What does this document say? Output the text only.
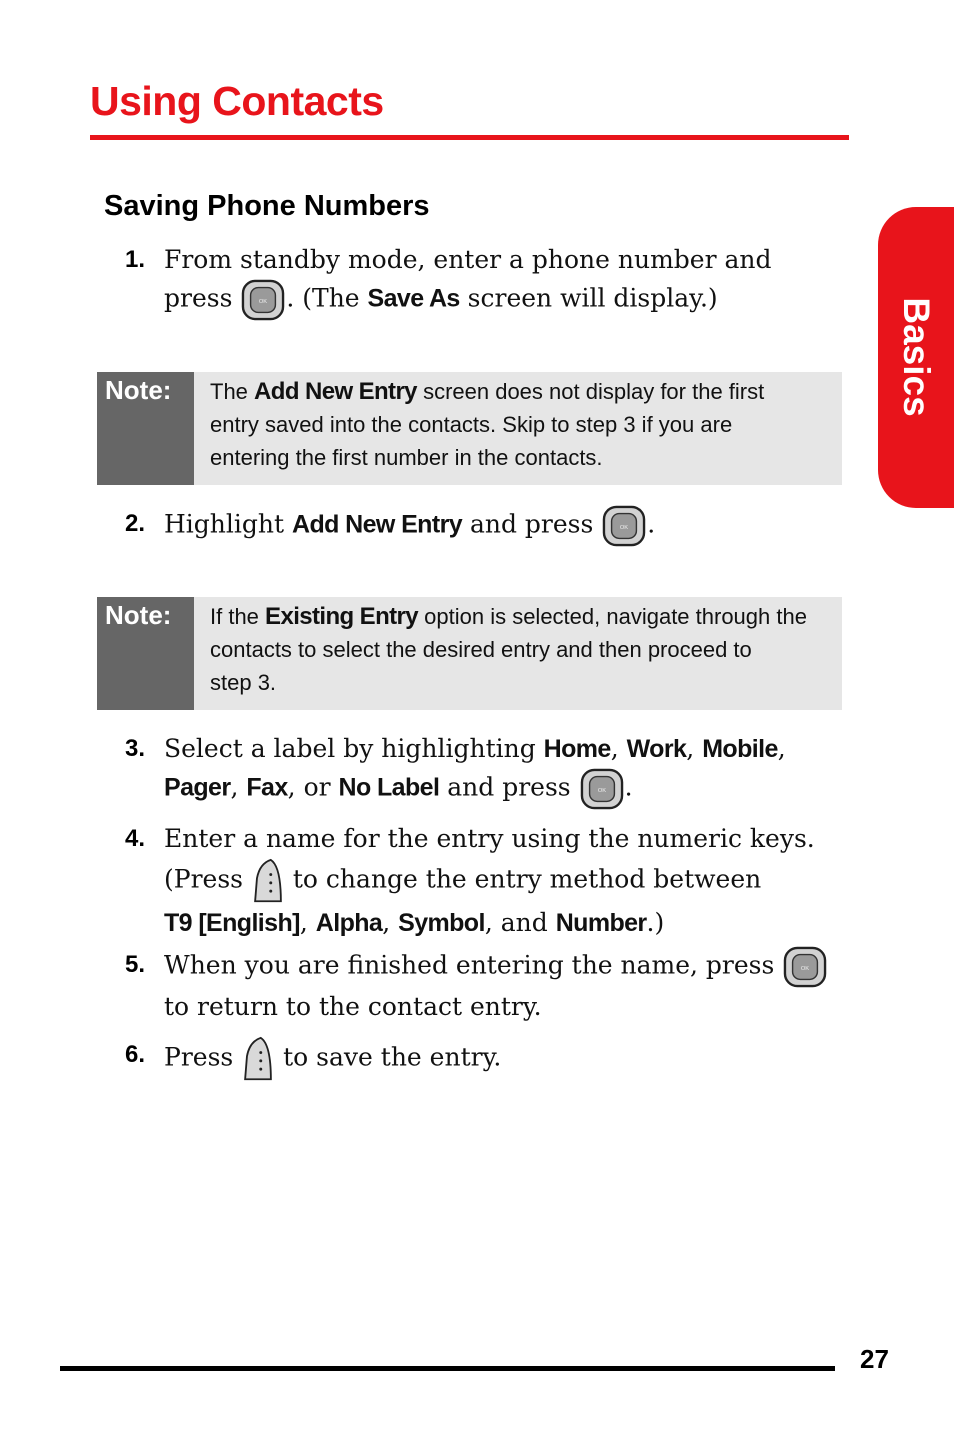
Using Contacts
Basics
Saving Phone Numbers
1. From standby mode, enter a phone number and
press . (The Save As screen will display.)
Note: The Add New Entry screen does not display for the first
entry saved into the contacts. Skip to step 3 if you are
entering the first number in the contacts.
2. Highlight Add New Entry and press .
Note: If the Existing Entry option is selected, navigate through the
contacts to select the desired entry and then proceed to
step 3.
3. Select a label by highlighting Home, Work, Mobile,
Pager, Fax, or No Label and press .
4. Enter a name for the entry using the numeric keys.
(Press to change the entry method between
T9 [English], Alpha, Symbol, and Number.)
5. When you are finished entering the name, press
to return to the contact entry.
6. Press to save the entry.
27
